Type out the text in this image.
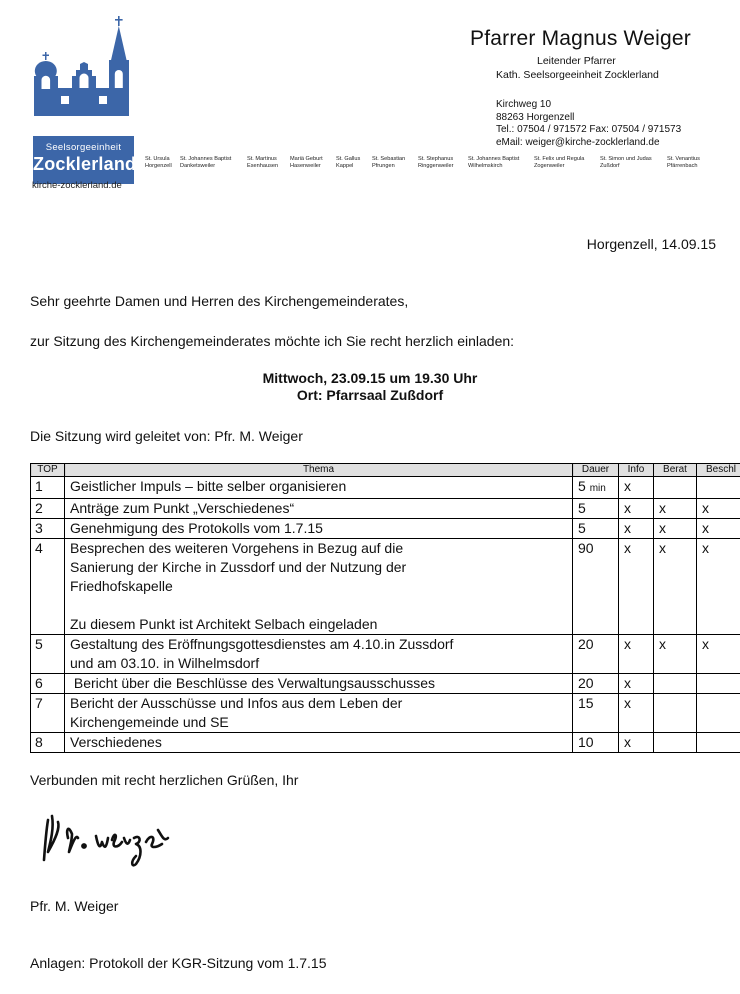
Seelsorgeeinheit
Zocklerland
kirche-zocklerland.de
Pfarrer Magnus Weiger
Leitender Pfarrer
Kath. Seelsorgeeinheit Zocklerland
Kirchweg 10
88263 Horgenzell
Tel.: 07504 / 971572 Fax: 07504 / 971573
eMail: weiger@kirche-zocklerland.de
St. Ursula
Horgenzell
St. Johannes Baptist
Danketsweiler
St. Martinus
Esenhausen
Mariä Geburt
Hasenweiler
St. Gallus
Kappel
St. Sebastian
Pfrungen
St. Stephanus
Ringgenweiler
St. Johannes Baptist
Wilhelmskirch
St. Felix und Regula
Zogenweiler
St. Simon und Judas
Zußdorf
St. Venantius
Pfärrenbach
Horgenzell, 14.09.15
Sehr geehrte Damen und Herren des Kirchengemeinderates,
zur Sitzung des Kirchengemeinderates möchte ich Sie recht herzlich einladen:
Mittwoch, 23.09.15 um 19.30 Uhr
Ort: Pfarrsaal Zußdorf
Die Sitzung wird geleitet von: Pfr. M. Weiger
TOP	Thema	Dauer	Info	Berat	Beschl
1	Geistlicher Impuls – bitte selber organisieren	5 min	x		
2	Anträge zum Punkt „Verschiedenes“	5	x	x	x
3	Genehmigung des Protokolls vom 1.7.15	5	x	x	x
4	Besprechen des weiteren Vorgehens in Bezug auf die
Sanierung der Kirche in Zussdorf und der Nutzung der
Friedhofskapelle
Zu diesem Punkt ist Architekt Selbach eingeladen	90	x	x	x
5	Gestaltung des Eröffnungsgottesdienstes am 4.10.in Zussdorf
und am 03.10. in Wilhelmsdorf	20	x	x	x
6	Bericht über die Beschlüsse des Verwaltungsausschusses	20	x		
7	Bericht der Ausschüsse und Infos aus dem Leben der
Kirchengemeinde und SE	15	x		
8	Verschiedenes	10	x		
Verbunden mit recht herzlichen Grüßen, Ihr
Pfr. M. Weiger
Anlagen: Protokoll der KGR-Sitzung vom 1.7.15
